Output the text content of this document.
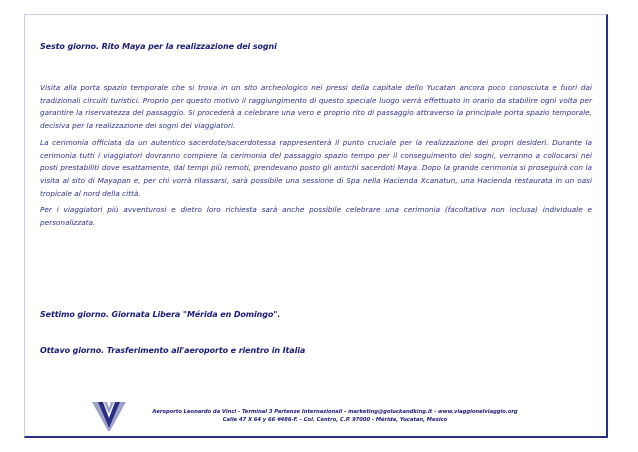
Sesto giorno. Rito Maya per la realizzazione dei sogni

Visita alla porta spazio temporale che si trova in un sito archeologico nei pressi della capitale dello Yucatan ancora poco conosciuta e fuori dai tradizionali circuiti turistici. Proprio per questo motivo il raggiungimento di questo speciale luogo verrà effettuato in orario da stabilire ogni volta per garantire la riservatezza del passaggio. Si procederà a celebrare una vero e proprio rito di passaggio attraverso la principale porta spazio temporale, decisiva per la realizzazione dei sogni dei viaggiatori.

La cerimonia officiata da un autentico sacerdote/sacerdotessa rappresenterà il punto cruciale per la realizzazione dei propri desideri. Durante la cerimonia tutti i viaggiatori dovranno compiere la cerimonia del passaggio spazio tempo per il conseguimento dei sogni, verranno a collocarsi nei posti prestabiliti dove esattamente, dal tempi più remoti, prendevano posto gli antichi sacerdoti Maya. Dopo la grande cerimonia si proseguirà con la visita al sito di Mayapan e, per chi vorrà rilassarsi, sarà possibile una sessione di Spa nella Hacienda Xcanatun, una Hacienda restaurata in un oasi tropicale al nord della città.

Per i viaggiatori più avventurosi e dietro loro richiesta sarà anche possibile celebrare una cerimonia (facoltativa non inclusa) individuale e personalizzata.

Settimo giorno. Giornata Libera "Mérida en Domingo".
Ottavo giorno. Trasferimento all'aeroporto e rientro in Italia
Aeroporto Leonardo da Vinci - Terminal 3 Partenze Internazionali - marketing@goluckandking.it - www.viaggionelviaggio.org
Calle 47 X 64 y 66 #486-F. - Col. Centro, C.P. 97000 - Mérida, Yucatan, Mexico
